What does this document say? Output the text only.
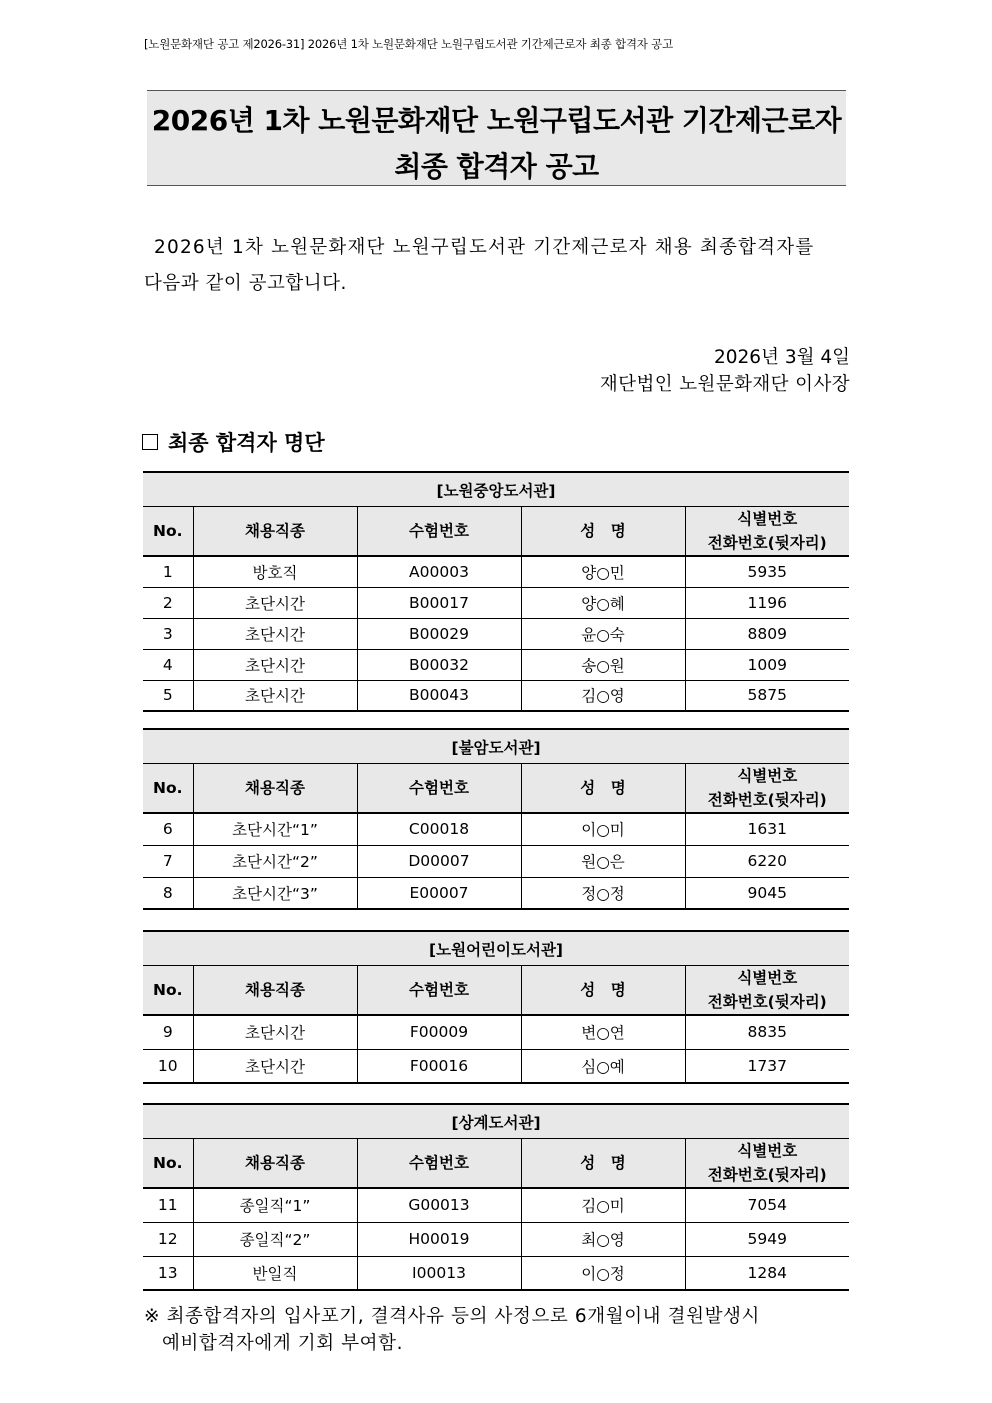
[노원문화재단 공고 제2026-31] 2026년 1차 노원문화재단 노원구립도서관 기간제근로자 최종 합격자 공고
2026년 1차 노원문화재단 노원구립도서관 기간제근로자
최종 합격자 공고
2026년 1차 노원문화재단 노원구립도서관 기간제근로자 채용 최종합격자를
다음과 같이 공고합니다.
2026년 3월 4일
재단법인 노원문화재단 이사장
최종 합격자 명단
[노원중앙도서관]				
No.	채용직종	수험번호	성　명	식별번호
전화번호(뒷자리)

1	방호직	A00003	양○민	5935
2	초단시간	B00017	양○혜	1196
3	초단시간	B00029	윤○숙	8809
4	초단시간	B00032	송○원	1009
5	초단시간	B00043	김○영	5875
[불암도서관]				
No.	채용직종	수험번호	성　명	식별번호
전화번호(뒷자리)

6	초단시간“1”	C00018	이○미	1631
7	초단시간“2”	D00007	원○은	6220
8	초단시간“3”	E00007	정○정	9045
[노원어린이도서관]				
No.	채용직종	수험번호	성　명	식별번호
전화번호(뒷자리)

9	초단시간	F00009	변○연	8835
10	초단시간	F00016	심○예	1737
[상계도서관]				
No.	채용직종	수험번호	성　명	식별번호
전화번호(뒷자리)

11	종일직“1”	G00013	김○미	7054
12	종일직“2”	H00019	최○영	5949
13	반일직	I00013	이○정	1284
※ 최종합격자의 입사포기, 결격사유 등의 사정으로 6개월이내 결원발생시
예비합격자에게 기회 부여함.
